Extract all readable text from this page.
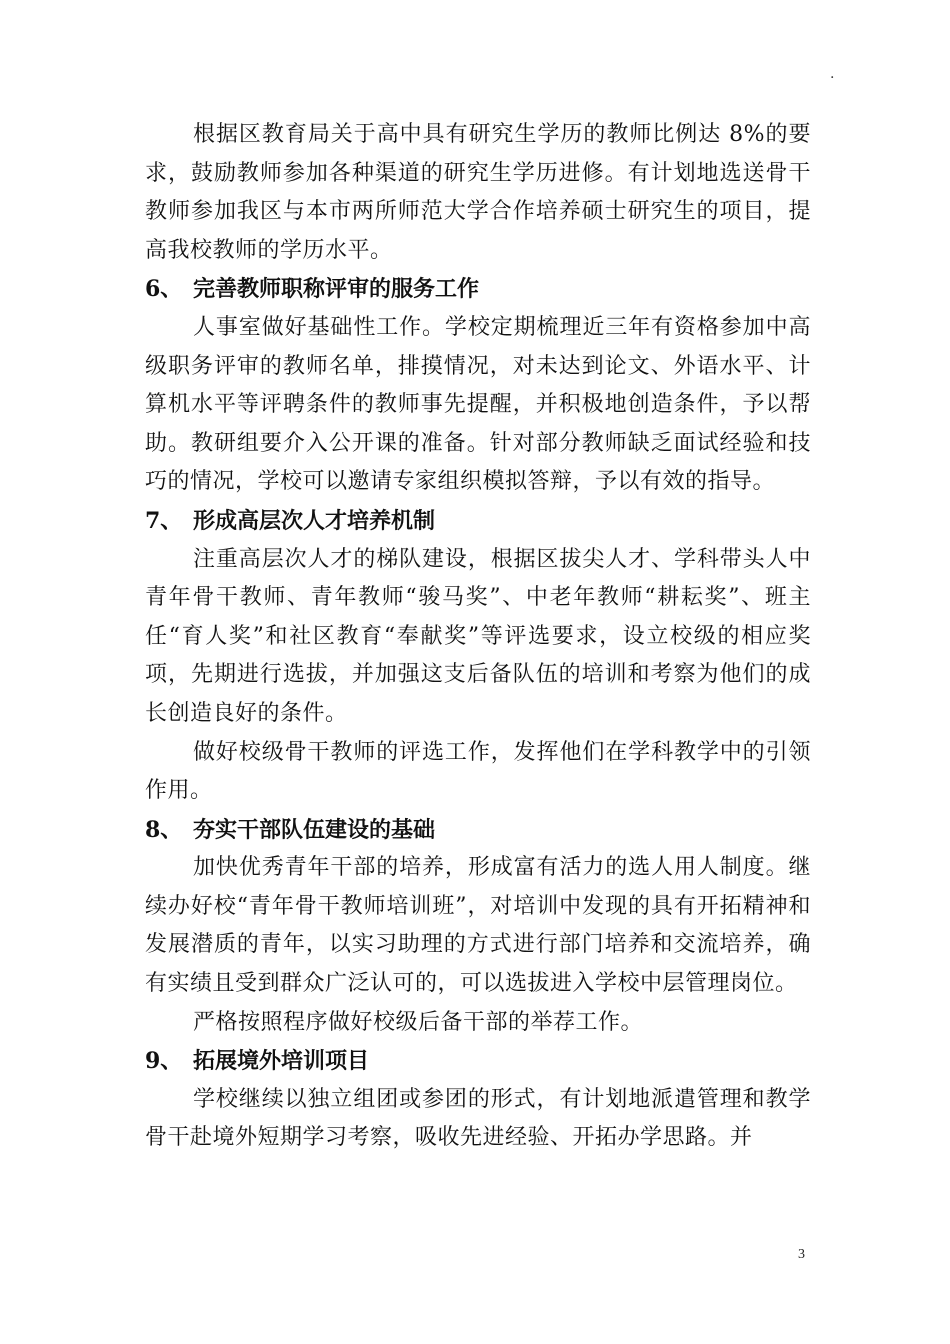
.

根据区教育局关于高中具有研究生学历的教师比例达 8%的要求，鼓励教师参加各种渠道的研究生学历进修。有计划地选送骨干教师参加我区与本市两所师范大学合作培养硕士研究生的项目，提高我校教师的学历水平。

6、 完善教师职称评审的服务工作

人事室做好基础性工作。学校定期梳理近三年有资格参加中高级职务评审的教师名单，排摸情况，对未达到论文、外语水平、计算机水平等评聘条件的教师事先提醒，并积极地创造条件，予以帮助。教研组要介入公开课的准备。针对部分教师缺乏面试经验和技巧的情况，学校可以邀请专家组织模拟答辩，予以有效的指导。

7、 形成高层次人才培养机制

注重高层次人才的梯队建设，根据区拔尖人才、学科带头人中青年骨干教师、青年教师“骏马奖”、中老年教师“耕耘奖”、班主任“育人奖”和社区教育“奉献奖”等评选要求，设立校级的相应奖项，先期进行选拔，并加强这支后备队伍的培训和考察为他们的成长创造良好的条件。

做好校级骨干教师的评选工作，发挥他们在学科教学中的引领作用。

8、 夯实干部队伍建设的基础

加快优秀青年干部的培养，形成富有活力的选人用人制度。继续办好校“青年骨干教师培训班”，对培训中发现的具有开拓精神和发展潜质的青年，以实习助理的方式进行部门培养和交流培养，确有实绩且受到群众广泛认可的，可以选拔进入学校中层管理岗位。

严格按照程序做好校级后备干部的举荐工作。

9、 拓展境外培训项目

学校继续以独立组团或参团的形式，有计划地派遣管理和教学骨干赴境外短期学习考察，吸收先进经验、开拓办学思路。并

3
